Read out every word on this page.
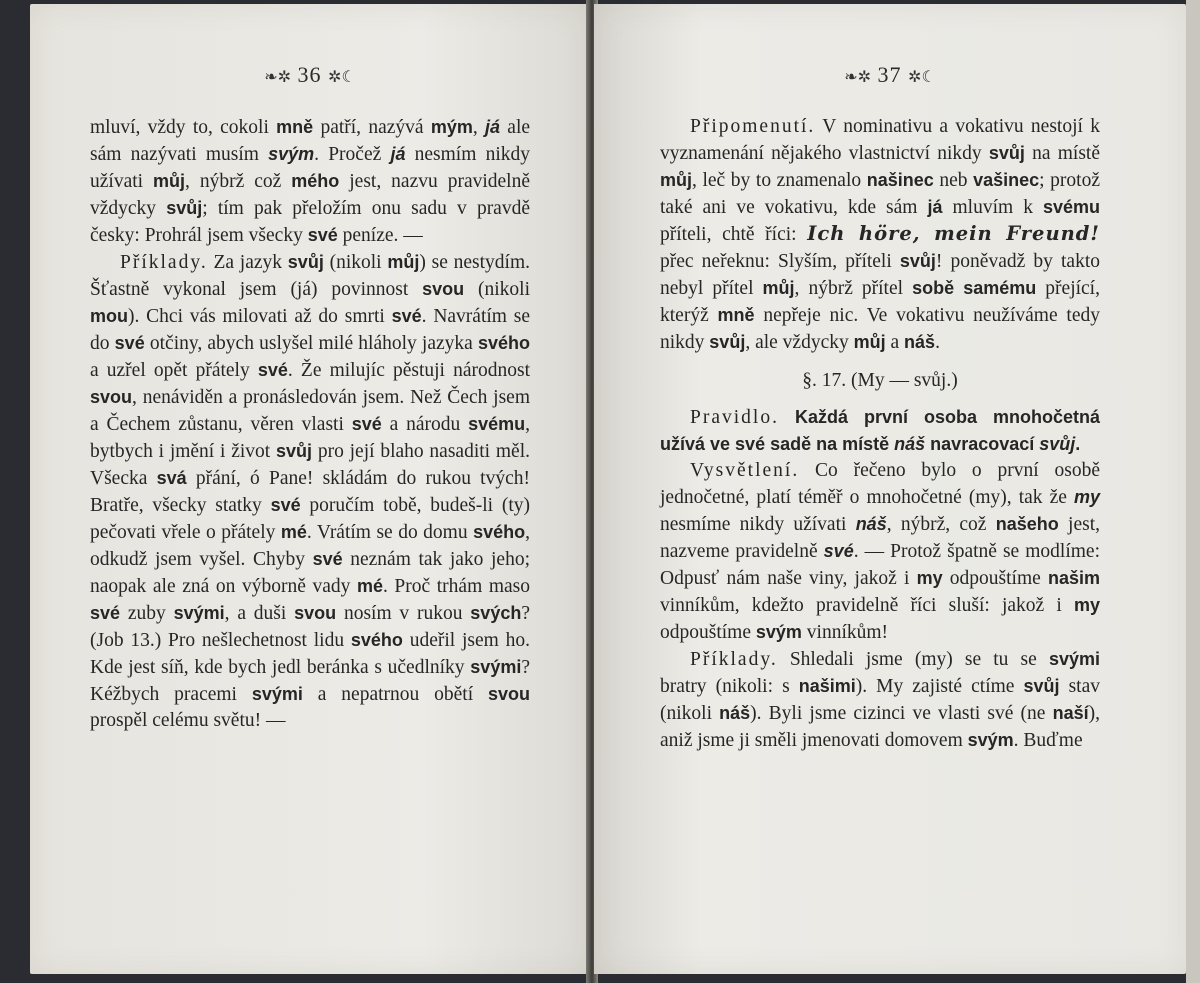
❧✲ 36 ✲☾

mluví, vždy to, cokoli mně patří, nazývá mým, já ale sám nazývati musím svým. Pročež já nesmím nikdy užívati můj, nýbrž což mého jest, nazvu pravidelně vždycky svůj; tím pak přeložím onu sadu v pravdě česky: Prohrál jsem všecky své peníze. —

Příklady. Za jazyk svůj (nikoli můj) se nestydím. Šťastně vykonal jsem (já) povinnost svou (nikoli mou). Chci vás milovati až do smrti své. Navrátím se do své otčiny, abych uslyšel milé hláholy jazyka svého a uzřel opět přátely své. Že milujíc pěstuji národnost svou, nenáviděn a pronásledován jsem. Než Čech jsem a Čechem zůstanu, věren vlasti své a národu svému, bytbych i jmění i život svůj pro její blaho nasaditi měl. Všecka svá přání, ó Pane! skládám do rukou tvých! Bratře, všecky statky své poručím tobě, budeš-li (ty) pečovati vřele o přátely mé. Vrátím se do domu svého, odkudž jsem vyšel. Chyby své neznám tak jako jeho; naopak ale zná on výborně vady mé. Proč trhám maso své zuby svými, a duši svou nosím v rukou svých? (Job 13.) Pro nešlechetnost lidu svého udeřil jsem ho. Kde jest síň, kde bych jedl beránka s učedlníky svými? Kéžbych pracemi svými a nepatrnou obětí svou prospěl celému světu! —

❧✲ 37 ✲☾

Připomenutí. V nominativu a vokativu nestojí k vyznamenání nějakého vlastnictví nikdy svůj na místě můj, leč by to znamenalo našinec neb vašinec; protož také ani ve vokativu, kde sám já mluvím k svému příteli, chtě říci: Ich höre, mein Freund! přec neřeknu: Slyším, příteli svůj! poněvadž by takto nebyl přítel můj, nýbrž přítel sobě samému přející, kterýž mně nepřeje nic. Ve vokativu neužíváme tedy nikdy svůj, ale vždycky můj a náš.

§. 17. (My — svůj.)

Pravidlo. Každá první osoba mnohočetná užívá ve své sadě na místě náš navracovací svůj.

Vysvětlení. Co řečeno bylo o první osobě jednočetné, platí téměř o mnohočetné (my), tak že my nesmíme nikdy užívati náš, nýbrž, což našeho jest, nazveme pravidelně své. — Protož špatně se modlíme: Odpusť nám naše viny, jakož i my odpouštíme našim vinníkům, kdežto pravidelně říci sluší: jakož i my odpouštíme svým vinníkům!

Příklady. Shledali jsme (my) se tu se svými bratry (nikoli: s našimi). My zajisté ctíme svůj stav (nikoli náš). Byli jsme cizinci ve vlasti své (ne naší), aniž jsme ji směli jmenovati domovem svým. Buďme
